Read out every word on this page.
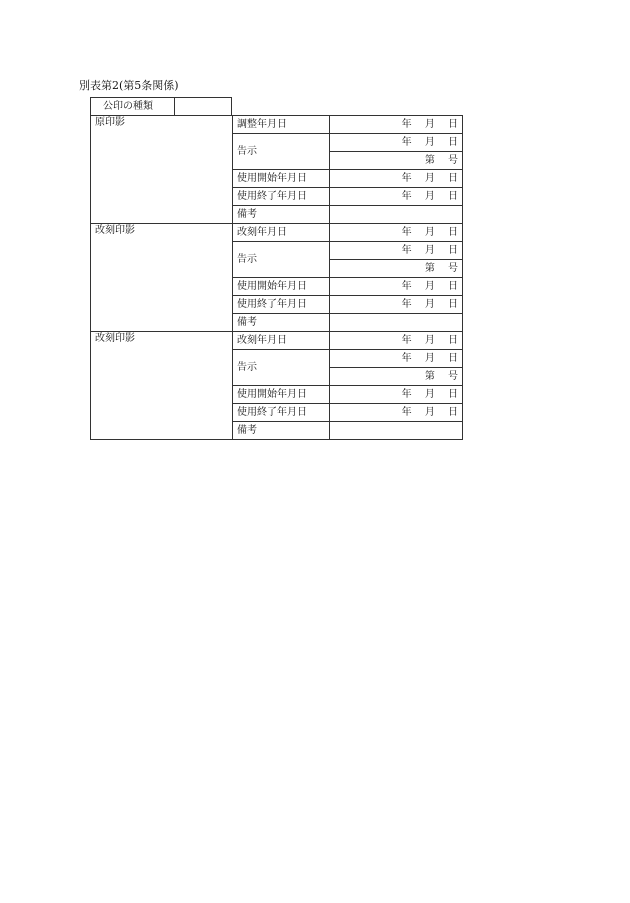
別表第2(第5条関係)
公印の種類
原印影	調整年月日	年　 月　 日
	告示	年　 月　 日
		第　 号
	使用開始年月日	年　 月　 日
	使用終了年月日	年　 月　 日
	備考	
改刻印影	改刻年月日	年　 月　 日
	告示	年　 月　 日
		第　 号
	使用開始年月日	年　 月　 日
	使用終了年月日	年　 月　 日
	備考	
改刻印影	改刻年月日	年　 月　 日
	告示	年　 月　 日
		第　 号
	使用開始年月日	年　 月　 日
	使用終了年月日	年　 月　 日
	備考	
